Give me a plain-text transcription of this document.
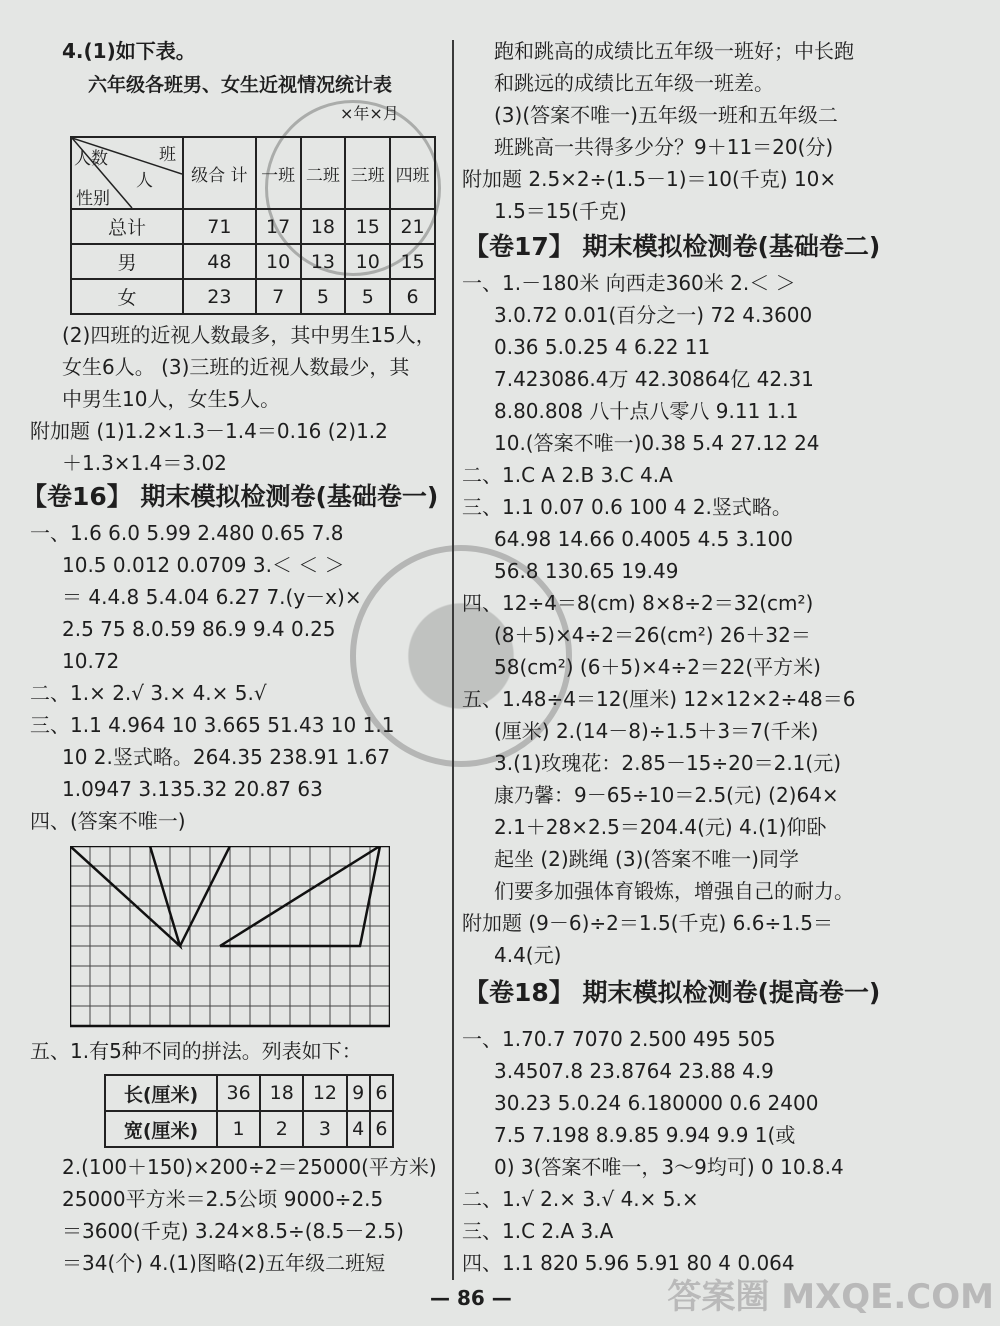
答案圈 MXQE.COM
4.(1)如下表。
六年级各班男、女生近视情况统计表
×年×月
班
人数
人
性别	级合 计	一班	二班	三班	四班
总计	71	17	18	15	21
男	48	10	13	10	15
女	23	7	5	5	6
(2)四班的近视人数最多，其中男生15人，
女生6人。 (3)三班的近视人数最少，其
中男生10人，女生5人。
附加题 (1)1.2×1.3－1.4＝0.16 (2)1.2
＋1.3×1.4＝3.02
【卷16】 期末模拟检测卷(基础卷一)
一、1.6 6.0 5.99 2.480 0.65 7.8
10.5 0.012 0.0709 3.＜ ＜ ＞
＝ 4.4.8 5.4.04 6.27 7.(y－x)×
2.5 75 8.0.59 86.9 9.4 0.25
10.72
二、1.× 2.√ 3.× 4.× 5.√
三、1.1 4.964 10 3.665 51.43 10 1.1
10 2.竖式略。264.35 238.91 1.67
1.0947 3.135.32 20.87 63
四、(答案不唯一)
五、1.有5种不同的拼法。列表如下：
长(厘米)	36	18	12	9	6
宽(厘米)	1	2	3	4	6
2.(100＋150)×200÷2＝25000(平方米)
25000平方米＝2.5公顷 9000÷2.5
＝3600(千克) 3.24×8.5÷(8.5－2.5)
＝34(个) 4.(1)图略(2)五年级二班短
跑和跳高的成绩比五年级一班好；中长跑
和跳远的成绩比五年级一班差。
(3)(答案不唯一)五年级一班和五年级二
班跳高一共得多少分？9＋11＝20(分)
附加题 2.5×2÷(1.5－1)＝10(千克) 10×
1.5＝15(千克)
【卷17】 期末模拟检测卷(基础卷二)
一、1.－180米 向西走360米 2.＜ ＞
3.0.72 0.01(百分之一) 72 4.3600
0.36 5.0.25 4 6.22 11
7.423086.4万 42.30864亿 42.31
8.80.808 八十点八零八 9.11 1.1
10.(答案不唯一)0.38 5.4 27.12 24
二、1.C A 2.B 3.C 4.A
三、1.1 0.07 0.6 100 4 2.竖式略。
64.98 14.66 0.4005 4.5 3.100
56.8 130.65 19.49
四、12÷4＝8(cm) 8×8÷2＝32(cm²)
(8＋5)×4÷2＝26(cm²) 26＋32＝
58(cm²) (6＋5)×4÷2＝22(平方米)
五、1.48÷4＝12(厘米) 12×12×2÷48＝6
(厘米) 2.(14－8)÷1.5＋3＝7(千米)
3.(1)玫瑰花：2.85－15÷20＝2.1(元)
康乃馨：9－65÷10＝2.5(元) (2)64×
2.1＋28×2.5＝204.4(元) 4.(1)仰卧
起坐 (2)跳绳 (3)(答案不唯一)同学
们要多加强体育锻炼，增强自己的耐力。
附加题 (9－6)÷2＝1.5(千克) 6.6÷1.5＝
4.4(元)
【卷18】 期末模拟检测卷(提高卷一)
一、1.70.7 7070 2.500 495 505
3.4507.8 23.8764 23.88 4.9
30.23 5.0.24 6.180000 0.6 2400
7.5 7.198 8.9.85 9.94 9.9 1(或
0) 3(答案不唯一，3～9均可) 0 10.8.4
二、1.√ 2.× 3.√ 4.× 5.×
三、1.C 2.A 3.A
四、1.1 820 5.96 5.91 80 4 0.064
— 86 —
